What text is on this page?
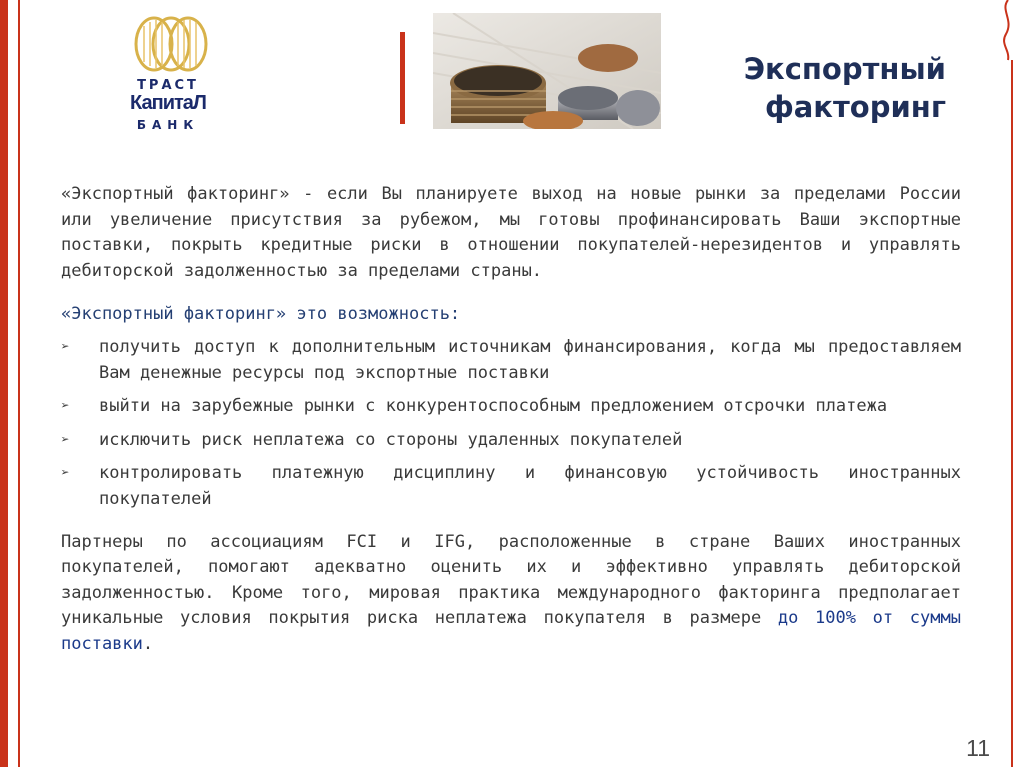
ТРАСТ
КапитаЛ
БАНК
Экспортный факторинг

«Экспортный факторинг» - если Вы планируете выход на новые рынки за пределами России или увеличение присутствия за рубежом, мы готовы профинансировать Ваши экспортные поставки, покрыть кредитные риски в отношении покупателей-нерезидентов и управлять дебиторской задолженностью за пределами страны.

«Экспортный факторинг» это возможность:

➢ получить доступ к дополнительным источникам финансирования, когда мы предоставляем Вам денежные ресурсы под экспортные поставки
➢ выйти на зарубежные рынки с конкурентоспособным предложением отсрочки платежа
➢ исключить риск неплатежа со стороны удаленных покупателей
➢ контролировать платежную дисциплину и финансовую устойчивость иностранных покупателей

Партнеры по ассоциациям FCI и IFG, расположенные в стране Ваших иностранных покупателей, помогают адекватно оценить их и эффективно управлять дебиторской задолженностью. Кроме того, мировая практика международного факторинга предполагает уникальные условия покрытия риска неплатежа покупателя в размере до 100% от суммы поставки.

11
